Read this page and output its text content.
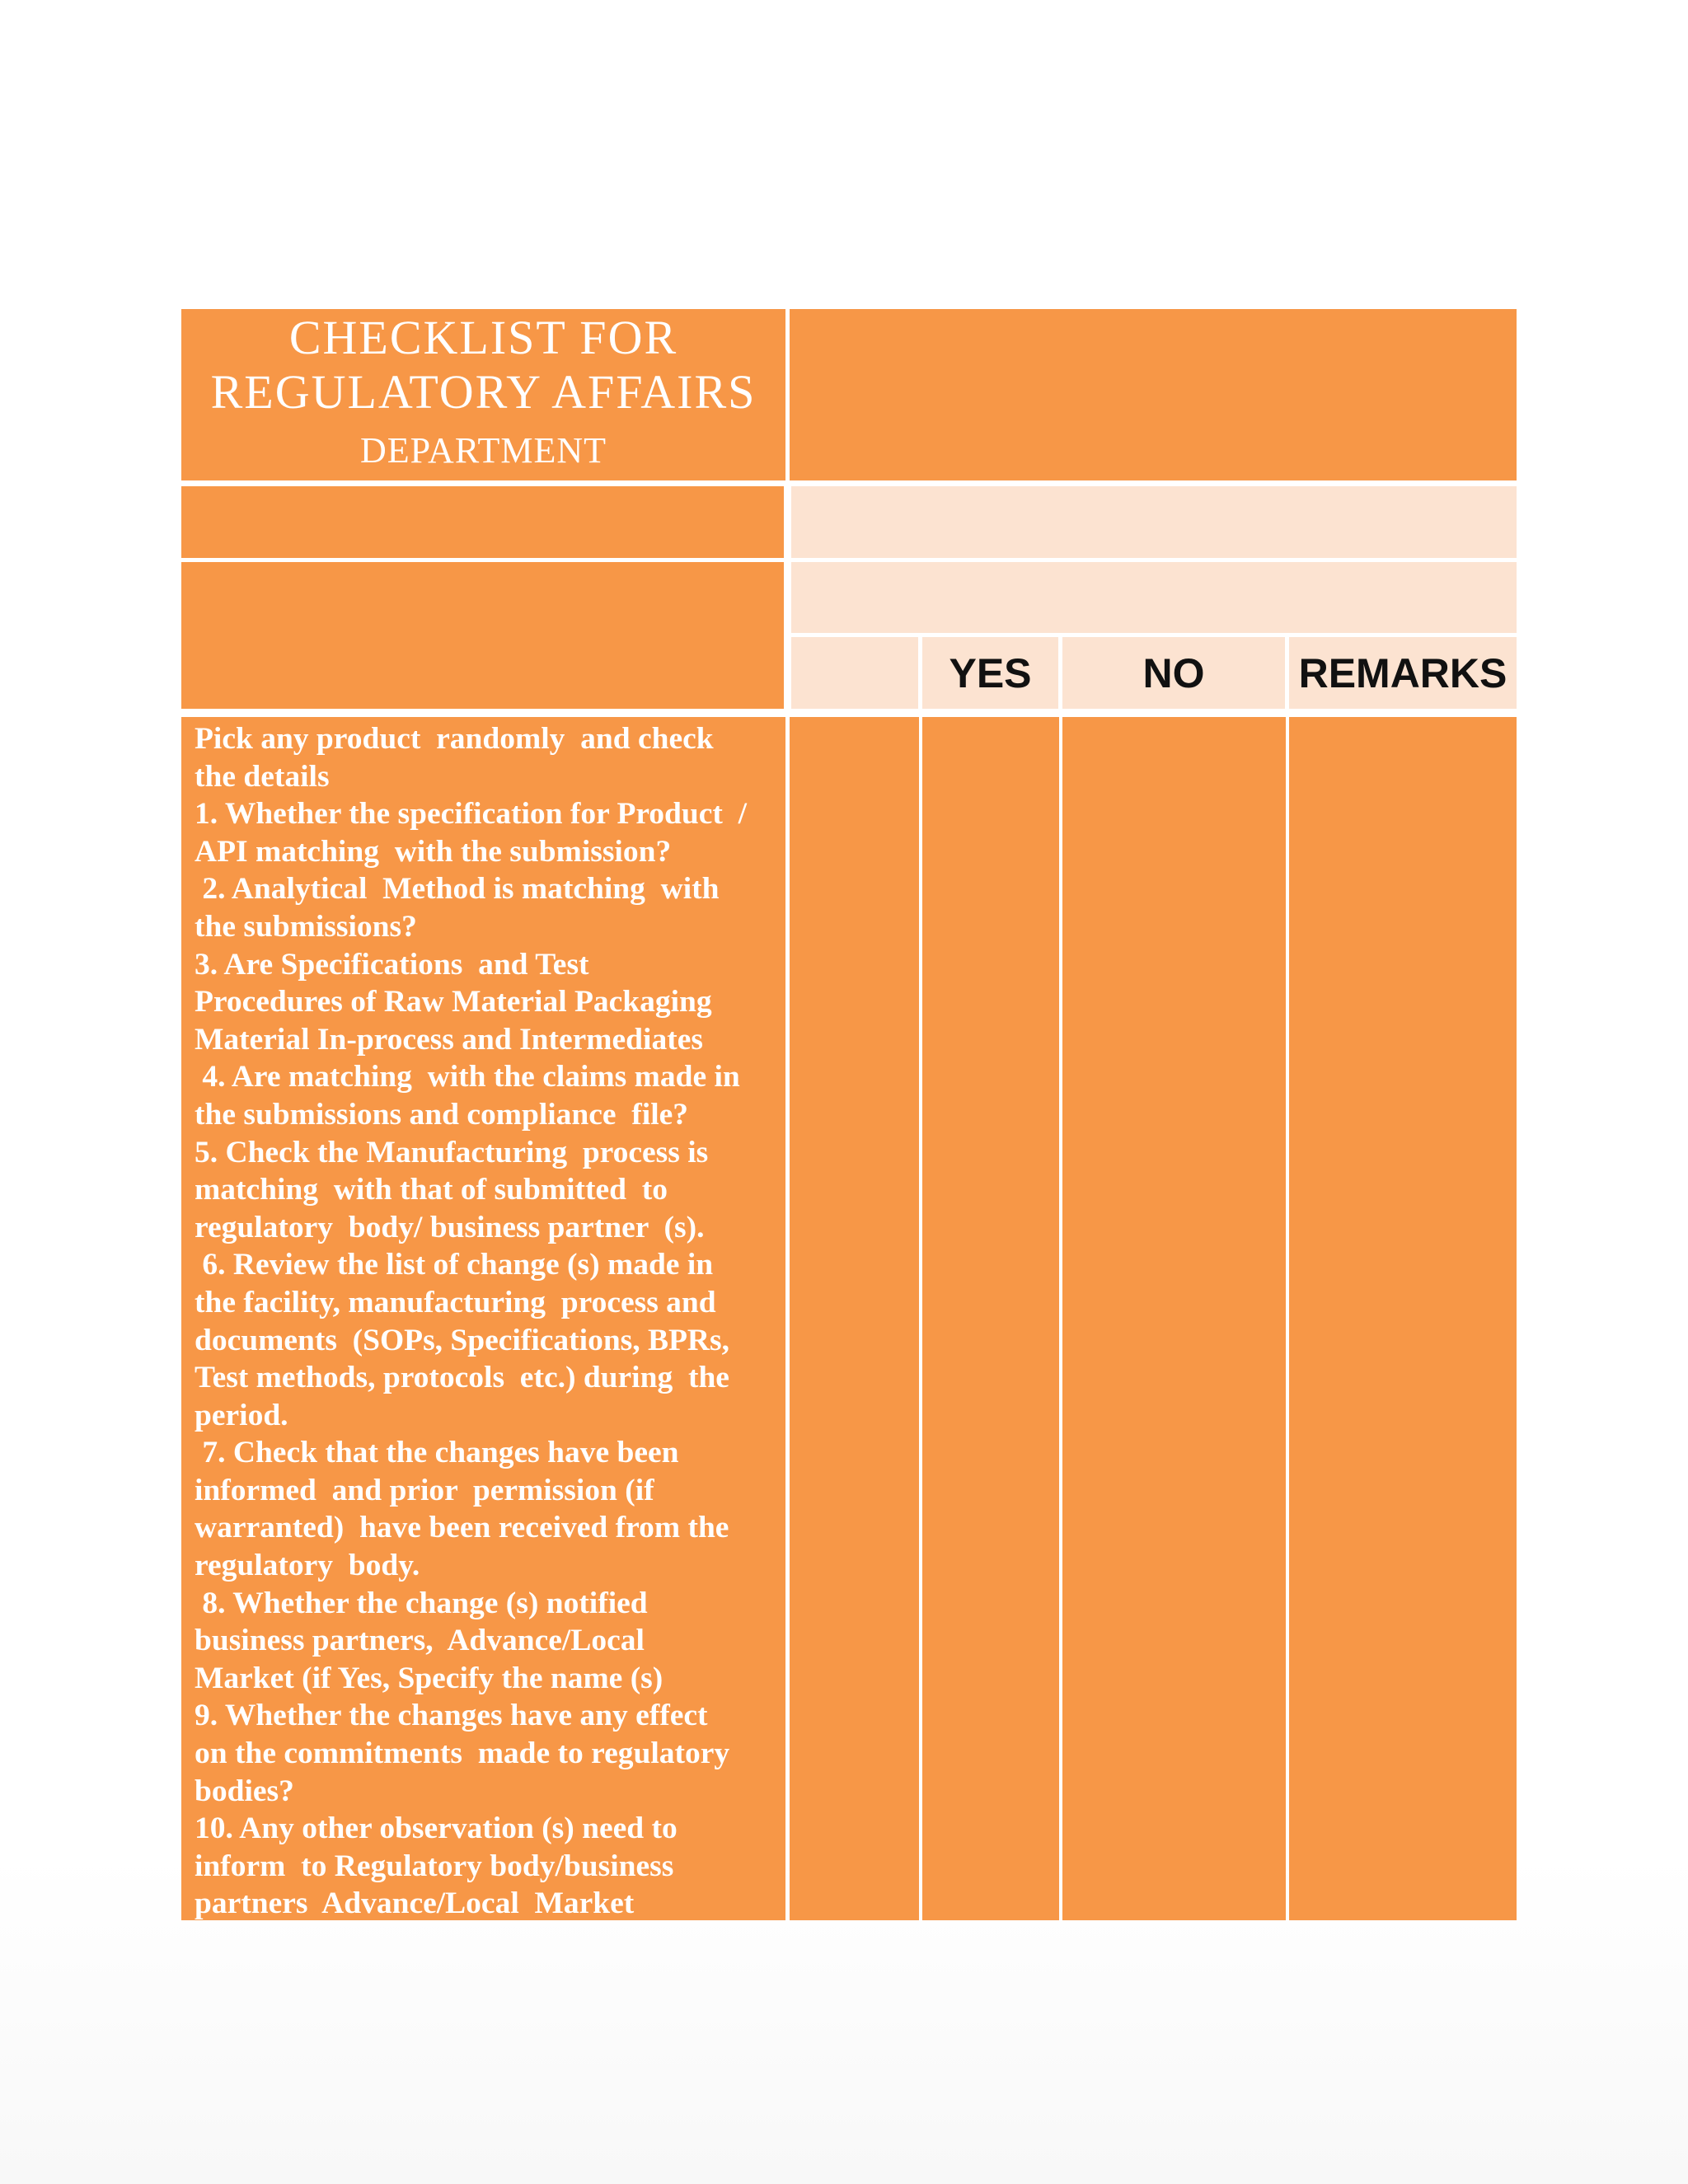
CHECKLIST FOR
REGULATORY AFFAIRS
DEPARTMENT
YES	NO	REMARKS
Pick any product  randomly  and check
the details
1. Whether the specification for Product  /
API matching  with the submission?
2. Analytical  Method is matching  with
the submissions?
3. Are Specifications  and Test
Procedures of Raw Material Packaging
Material In-process and Intermediates
4. Are matching  with the claims made in
the submissions and compliance  file?
5. Check the Manufacturing  process is
matching  with that of submitted  to
regulatory  body/ business partner  (s).
6. Review the list of change (s) made in
the facility, manufacturing  process and
documents  (SOPs, Specifications, BPRs,
Test methods, protocols  etc.) during  the
period.
7. Check that the changes have been
informed  and prior  permission (if
warranted)  have been received from the
regulatory  body.
8. Whether the change (s) notified
business partners,  Advance/Local
Market (if Yes, Specify the name (s)
9. Whether the changes have any effect
on the commitments  made to regulatory
bodies?
10. Any other observation (s) need to
inform  to Regulatory body/business
partners  Advance/Local  Market
